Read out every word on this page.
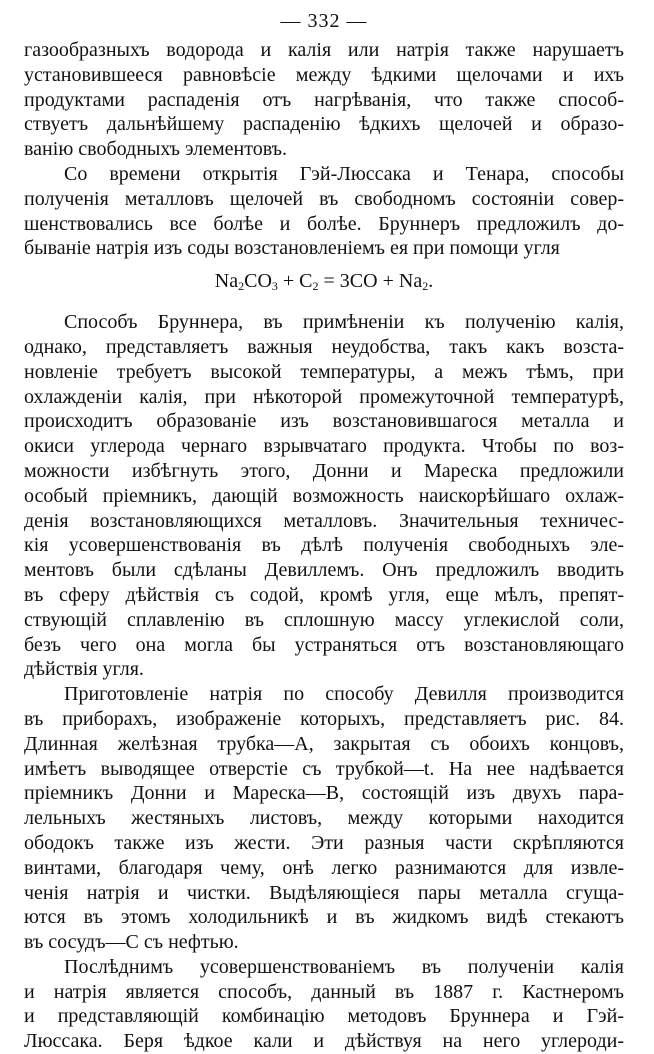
— 332 —

газообразныхъ водорода и калія или натрія также нарушаетъ
установившееся равновѣсіе между ѣдкими щелочами и ихъ
продуктами распаденія отъ нагрѣванія, что также способ-
ствуетъ дальнѣйшему распаденію ѣдкихъ щелочей и образо-
ванію свободныхъ элементовъ.

Со времени открытія Гэй-Люссака и Тенара, способы
полученія металловъ щелочей въ свободномъ состояніи совер-
шенствовались все болѣе и болѣе. Бруннеръ предложилъ до-
бываніе натрія изъ соды возстановленіемъ ея при помощи угля

$Na_2CO_3 + C_2 = 3CO + Na_2$.

Способъ Бруннера, въ примѣненіи къ полученію калія,
однако, представляетъ важныя неудобства, такъ какъ возста-
новленіе требуетъ высокой температуры, а межъ тѣмъ, при
охлажденіи калія, при нѣкоторой промежуточной температурѣ,
происходитъ образованіе изъ возстановившагося металла и
окиси углерода чернаго взрывчатаго продукта. Чтобы по воз-
можности избѣгнуть этого, Донни и Марескa предложили
особый пріемникъ, дающій возможность наискорѣйшаго охлаж-
денія возстановляющихся металловъ. Значительныя техничес-
кія усовершенствованія въ дѣлѣ полученія свободныхъ эле-
ментовъ были сдѣланы Девиллемъ. Онъ предложилъ вводить
въ сферу дѣйствія съ содой, кромѣ угля, еще мѣлъ, препят-
ствующій сплавленію въ сплошную массу углекислой соли,
безъ чего она могла бы устраняться отъ возстановляющаго
дѣйствія угля.

Приготовленіе натрія по способу Девилля производится
въ приборахъ, изображеніе которыхъ, представляетъ рис. 84.
Длинная желѣзная трубка—A, закрытая съ обоихъ концовъ,
имѣетъ выводящее отверстіе съ трубкой—t. На нее надѣвается
пріемникъ Донни и Мареска—B, состоящій изъ двухъ пара-
лельныхъ жестяныхъ листовъ, между которыми находится
ободокъ также изъ жести. Эти разныя части скрѣпляются
винтами, благодаря чему, онѣ легко разнимаются для извле-
ченія натрія и чистки. Выдѣляющіеся пары металла сгуща-
ются въ этомъ холодильникѣ и въ жидкомъ видѣ стекаютъ
въ сосудъ—C съ нефтью.

Послѣднимъ усовершенствованіемъ въ полученіи калія
и натрія является способъ, данный въ 1887 г. Кастнеромъ
и представляющій комбинацію методовъ Бруннера и Гэй-
Люссака. Беря ѣдкое кали и дѣйствуя на него углероди-
